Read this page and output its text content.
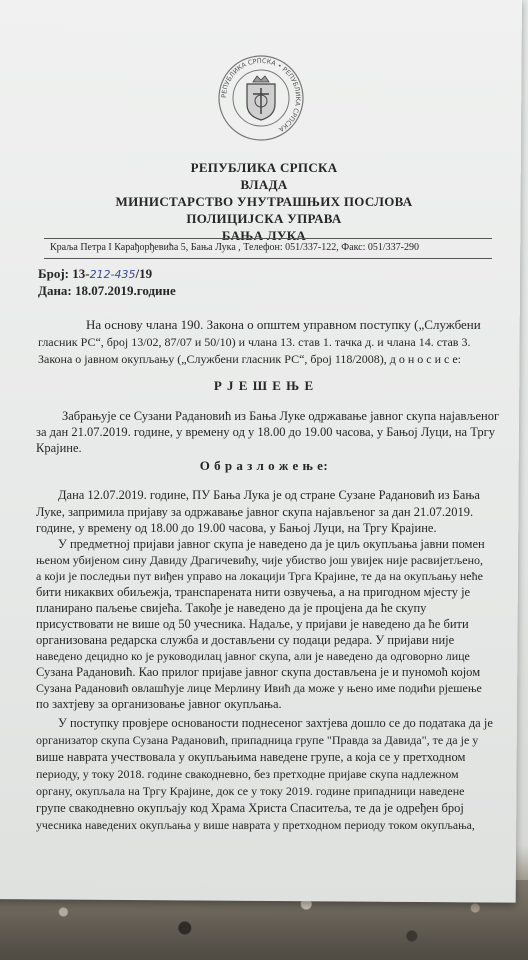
РЕПУБЛИКА СРПСКА • РЕПУБЛИКА СРПСКА
РЕПУБЛИКА СРПСКА
ВЛАДА
МИНИСТАРСТВО УНУТРАШЊИХ ПОСЛОВА
ПОЛИЦИЈСКА УПРАВА
БАЊА ЛУКА
Краља Петра I Карађорђевића 5, Бања Лука , Телефон: 051/337-122, Факс: 051/337-290
Број: 13-212-435/19
Дана: 18.07.2019.године
На основу члана 190. Закона о општем управном поступку („Службени
гласник РС“, број 13/02, 87/07 и 50/10) и члана 13. став 1. тачка д. и члана 14. став 3.
Закона о јавном окупљању („Службени гласник РС“, број 118/2008), д о н о с и с е:
Р Ј Е Ш Е Њ Е
Забрањује се Сузани Радановић из Бања Луке одржавање јавног скупа најављеног
за дан 21.07.2019. године, у времену од у 18.00 до 19.00 часова, у Бањој Луци, на Тргу
Крајине.
О б р а з л о ж е њ е:
Дана 12.07.2019. године, ПУ Бања Лука је од стране Сузане Радановић из Бања
Луке, запримила пријаву за одржавање јавног скупа најављеног за дан 21.07.2019.
године, у времену од 18.00 до 19.00 часова, у Бањој Луци, на Тргу Крајине.
У предметној пријави јавног скупа је наведено да је циљ окупљања јавни помен
њеном убијеном сину Давиду Драгичевићу, чије убиство још увијек није расвијетљено,
а који је последњи пут виђен управо на локацији Трга Крајине, те да на окупљању неће
бити никаквих обиљежја, транспарената нити озвучења, а на пригодном мјесту је
планирано паљење свијећа. Такође је наведено да је процјена да ће скупу
присуствовати не више од 50 учесника. Надаље, у пријави је наведено да ће бити
организована редарска служба и достављени су подаци редара. У пријави није
наведено децидно ко је руководилац јавног скупа, али је наведено да одговорно лице
Сузана Радановић. Као прилог пријаве јавног скупа достављена је и пуномоћ којом
Сузана Радановић овлашћује лице Мерлину Ивић да може у њено име подићи рјешење
по захтјеву за организовање јавног окупљања.
У поступку провјере основаности поднесеног захтјева дошло се до података да је
организатор скупа Сузана Радановић, припадница групе "Правда за Давида", те да је у
више наврата учествовала у окупљањима наведене групе, а која се у претходном
периоду, у току 2018. године свакодневно, без претходне пријаве скупа надлежном
органу, окупљала на Тргу Крајине, док се у току 2019. године припадници наведене
групе свакодневно окупљају код Храма Христа Спаситеља, те да је одређен број
учесника наведених окупљања у више наврата у претходном периоду током окупљања,
